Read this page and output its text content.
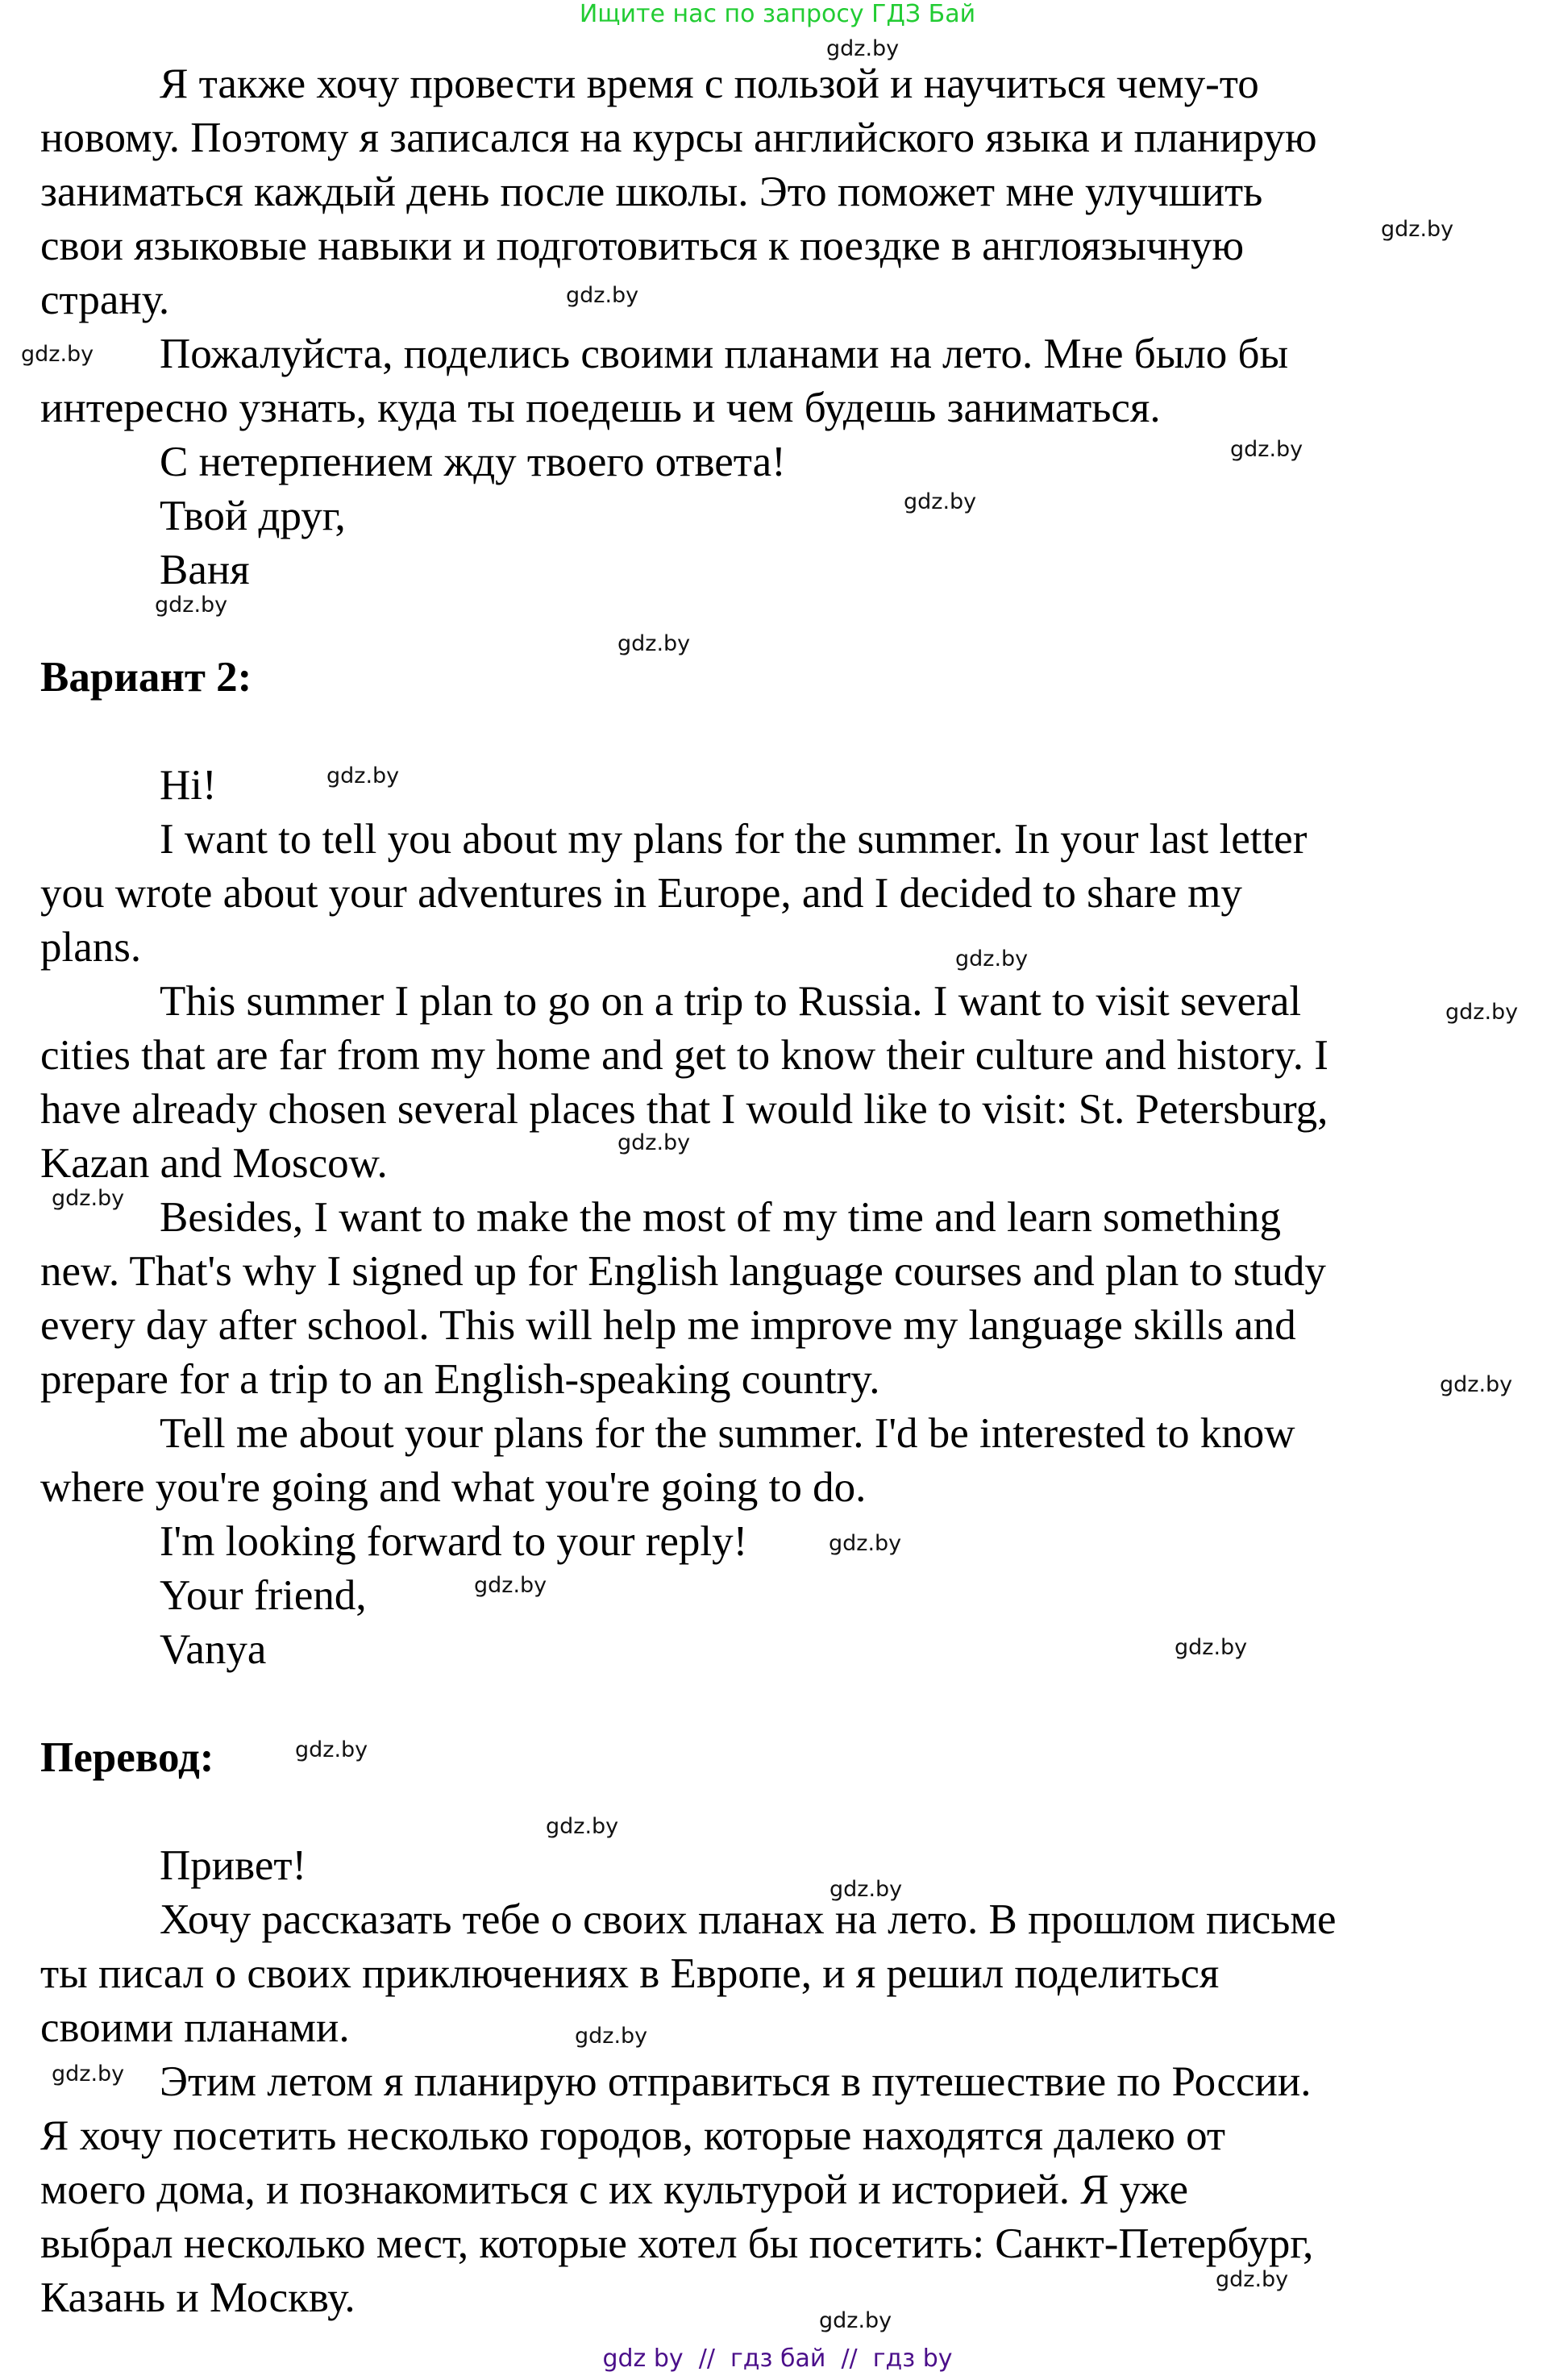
Ищите нас по запросу ГДЗ Бай
Я также хочу провести время с пользой и научиться чему-то
новому. Поэтому я записался на курсы английского языка и планирую
заниматься каждый день после школы. Это поможет мне улучшить
свои языковые навыки и подготовиться к поездке в англоязычную
страну.
Пожалуйста, поделись своими планами на лето. Мне было бы
интересно узнать, куда ты поедешь и чем будешь заниматься.
С нетерпением жду твоего ответа!
Твой друг,
Ваня
Вариант 2:
Hi!
I want to tell you about my plans for the summer. In your last letter
you wrote about your adventures in Europe, and I decided to share my
plans.
This summer I plan to go on a trip to Russia. I want to visit several
cities that are far from my home and get to know their culture and history. I
have already chosen several places that I would like to visit: St. Petersburg,
Kazan and Moscow.
Besides, I want to make the most of my time and learn something
new. That's why I signed up for English language courses and plan to study
every day after school. This will help me improve my language skills and
prepare for a trip to an English-speaking country.
Tell me about your plans for the summer. I'd be interested to know
where you're going and what you're going to do.
I'm looking forward to your reply!
Your friend,
Vanya
Перевод:
Привет!
Хочу рассказать тебе о своих планах на лето. В прошлом письме
ты писал о своих приключениях в Европе, и я решил поделиться
своими планами.
Этим летом я планирую отправиться в путешествие по России.
Я хочу посетить несколько городов, которые находятся далеко от
моего дома, и познакомиться с их культурой и историей. Я уже
выбрал несколько мест, которые хотел бы посетить: Санкт-Петербург,
Казань и Москву.
gdz.by
gdz.by
gdz.by
gdz.by
gdz.by
gdz.by
gdz.by
gdz.by
gdz.by
gdz.by
gdz.by
gdz.by
gdz.by
gdz.by
gdz.by
gdz.by
gdz.by
gdz.by
gdz.by
gdz.by
gdz.by
gdz.by
gdz.by
gdz.by
gdz by  //  гдз бай  //  гдз by
